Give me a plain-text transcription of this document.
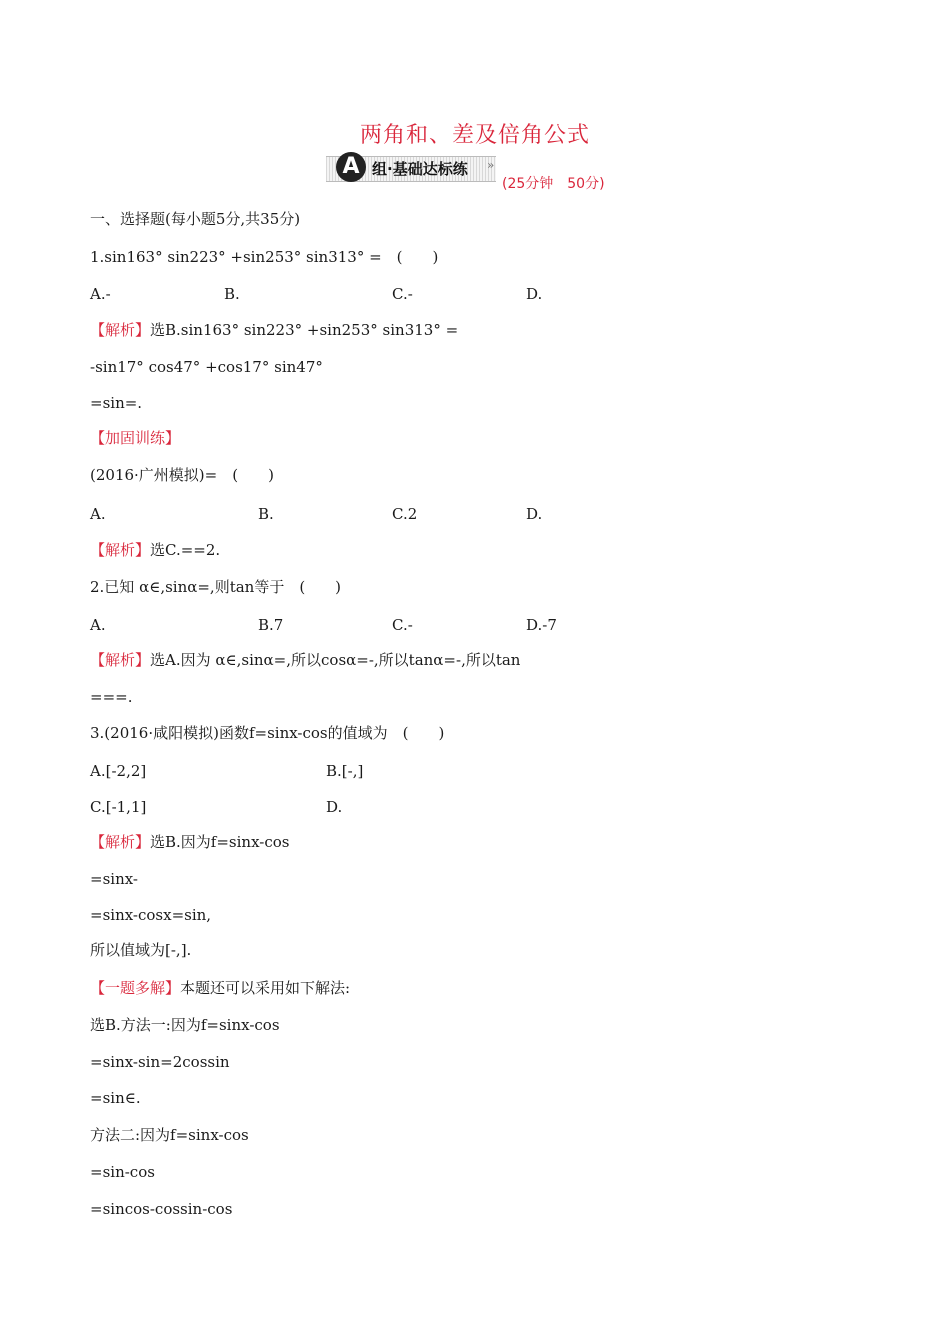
两角和、差及倍角公式
A 组·基础达标练 »
(25分钟　50分)
一、选择题(每小题5分,共35分)
1.sin163° sin223° +sin253° sin313° =　(　　)
A.-	B.	C.-	D.
【解析】选B.sin163° sin223° +sin253° sin313° =
-sin17° cos47° +cos17° sin47°
=sin=.
【加固训练】
(2016·广州模拟)=　(　　)
A.	B.	C.2	D.
【解析】选C.==2.
2.已知 α∈,sinα=,则tan等于　(　　)
A.	B.7	C.-	D.-7
【解析】选A.因为 α∈,sinα=,所以cosα=-,所以tanα=-,所以tan
===.
3.(2016·咸阳模拟)函数f=sinx-cos的值域为　(　　)
A.[-2,2]	B.[-,]
C.[-1,1]	D.
【解析】选B.因为f=sinx-cos
=sinx-
=sinx-cosx=sin,
所以值域为[-,].
【一题多解】本题还可以采用如下解法:
选B.方法一:因为f=sinx-cos
=sinx-sin=2cossin
=sin∈.
方法二:因为f=sinx-cos
=sin-cos
=sincos-cossin-cos
